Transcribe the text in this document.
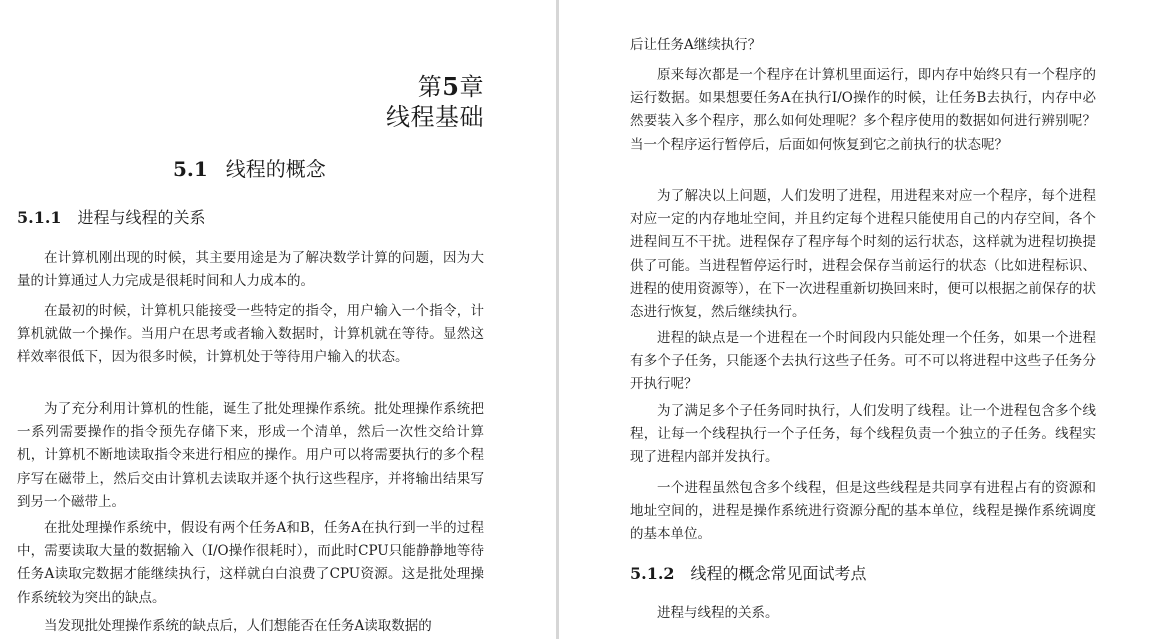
第5章
线程基础
5.1 线程的概念
5.1.1 进程与线程的关系

在计算机刚出现的时候，其主要用途是为了解决数学计算的问题，因为大量的计算通过人力完成是很耗时间和人力成本的。

在最初的时候，计算机只能接受一些特定的指令，用户输入一个指令，计算机就做一个操作。当用户在思考或者输入数据时，计算机就在等待。显然这样效率很低下，因为很多时候，计算机处于等待用户输入的状态。

为了充分利用计算机的性能，诞生了批处理操作系统。批处理操作系统把一系列需要操作的指令预先存储下来，形成一个清单，然后一次性交给计算机，计算机不断地读取指令来进行相应的操作。用户可以将需要执行的多个程序写在磁带上，然后交由计算机去读取并逐个执行这些程序，并将输出结果写到另一个磁带上。

在批处理操作系统中，假设有两个任务A和B，任务A在执行到一半的过程中，需要读取大量的数据输入（I/O操作很耗时），而此时CPU只能静静地等待任务A读取完数据才能继续执行，这样就白白浪费了CPU资源。这是批处理操作系统较为突出的缺点。

当发现批处理操作系统的缺点后，人们想能否在任务A读取数据的

后让任务A继续执行？

原来每次都是一个程序在计算机里面运行，即内存中始终只有一个程序的运行数据。如果想要任务A在执行I/O操作的时候，让任务B去执行，内存中必然要装入多个程序，那么如何处理呢？多个程序使用的数据如何进行辨别呢？当一个程序运行暂停后，后面如何恢复到它之前执行的状态呢？

为了解决以上问题，人们发明了进程，用进程来对应一个程序，每个进程对应一定的内存地址空间，并且约定每个进程只能使用自己的内存空间，各个进程间互不干扰。进程保存了程序每个时刻的运行状态，这样就为进程切换提供了可能。当进程暂停运行时，进程会保存当前运行的状态（比如进程标识、进程的使用资源等），在下一次进程重新切换回来时，便可以根据之前保存的状态进行恢复，然后继续执行。

进程的缺点是一个进程在一个时间段内只能处理一个任务，如果一个进程有多个子任务，只能逐个去执行这些子任务。可不可以将进程中这些子任务分开执行呢？

为了满足多个子任务同时执行，人们发明了线程。让一个进程包含多个线程，让每一个线程执行一个子任务，每个线程负责一个独立的子任务。线程实现了进程内部并发执行。

一个进程虽然包含多个线程，但是这些线程是共同享有进程占有的资源和地址空间的，进程是操作系统进行资源分配的基本单位，线程是操作系统调度的基本单位。

5.1.2 线程的概念常见面试考点

进程与线程的关系。
